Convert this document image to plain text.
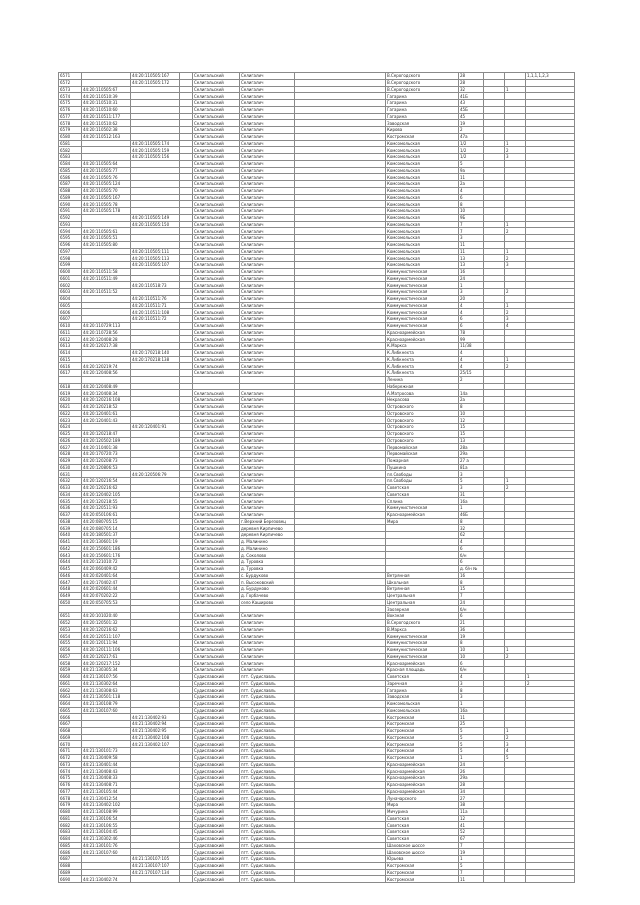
6571		44:20:110505:167		Селигальский	Селигалич		В.Серогодского	28			1,1,1,1,2,3
6572		44:20:110505:172		Селигальский	Селигалич		В.Серогодского	28			
6573	44:20:110505:67			Селигальский	Селигалич		В.Серогодского	32		1	
6574	44:20:110510:39			Селигальский	Селигалич		Гагарина	41Б			
6575	44:20:110510:31			Селигальский	Селигалич		Гагарина	43			
6576	44:20:110510:60			Селигальский	Селигалич		Гагарина	45Б			
6577	44:20:110511:177			Селигальский	Селигалич		Гагарина	45			
6578	44:20:110510:62			Селигальский	Селигалич		Заводская	19			
6579	44:20:110502:38			Селигальский	Селигалич		Кирова	2			
6580	44:20:110512:163			Селигальский	Селигалич		Костромская	47а			
6581		44:20:110505:174		Селигальский	Селигалич		Комсомольская	1/2		1	
6582		44:20:110505:159		Селигальский	Селигалич		Комсомольская	1/2		2	
6583		44:20:110505:156		Селигальский	Селигалич		Комсомольская	1/2		3	
6584	44:20:110505:64			Селигальский	Селигалич		Комсомольская	5			
6585	44:20:110505:77			Селигальский	Селигалич		Комсомольская	9а			
6586	44:20:110505:76			Селигальский	Селигалич		Комсомольская	11			
6587	44:20:110505:124			Селигальский	Селигалич		Комсомольская	2а			
6588	44:20:110505:70			Селигальский	Селигалич		Комсомольская	4			
6589	44:20:110505:167			Селигальский	Селигалич		Комсомольская	6			
6590	44:20:110505:78			Селигальский	Селигалич		Комсомольская	8			
6591	44:20:110505:178			Селигальский	Селигалич		Комсомольская	10			
6592		44:20:110505:149		Селигальский	Селигалич		Комсомольская	9Б			
6593		44:20:110505:150		Селигальский	Селигалич		Комсомольская	7		1	
6594	44:20:110505:61			Селигальский	Селигалич		Комсомольская	7		2	
6595	44:20:110505:51			Селигальский	Селигалич		Комсомольская	3			
6596	44:20:110505:80			Селигальский	Селигалич		Комсомольская	11			
6597		44:20:110505:111		Селигальский	Селигалич		Комсомольская	11		1	
6598		44:20:110505:113		Селигальский	Селигалич		Комсомольская	13		2	
6599		44:20:110505:107		Селигальский	Селигалич		Комсомольская	13		3	
6600	44:20:110511:58			Селигальский	Селигалич		Коммунистическая	16			
6601	44:20:110511:49			Селигальский	Селигалич		Коммунистическая	24			
6602		44:20:110518:73		Селигальский	Селигалич		Коммунистическая	1			
6603	44:20:110511:52			Селигальский	Селигалич		Коммунистическая	3		2	
6604		44:20:110511:76		Селигальский	Селигалич		Коммунистическая	20			
6605		44:20:110511:71		Селигальский	Селигалич		Коммунистическая	4		1	
6606		44:20:110511:108		Селигальский	Селигалич		Коммунистическая	4		2	
6607		44:20:110511:72		Селигальский	Селигалич		Коммунистическая	6		3	
6610	44:20:110729:113			Селигальский	Селигалич		Коммунистическая	6		4	
6611	44:20:110728:56			Селигальский	Селигалич		Красноармейская	78			
6612	44:20:120408:28			Селигальский	Селигалич		Красноармейская	99			
6613	44:20:120217:38			Селигальский	Селигалич		К.Маркса	11/38			
6614		44:20:170218:140		Селигальский	Селигалич		К.Либкнехта	4			
6615		44:20:170218:138		Селигальский	Селигалич		К.Либкнехта	4		1	
6616	44:20:120219:74			Селигальский	Селигалич		К.Либкнехта	4		2	
6617	44:20:120408:56			Селигальский	Селигалич		К.Либкнехта	25/15			
							Ленина	2			
6618	44:20:120408:49						Набережная				
6619	44:20:120408:34			Селигальский	Селигалич		А.Матросова	14а			
6620	44:20:120216:108			Селигальский	Селигалич		Некрасова	2а			
6621	44:20:120218:52			Селигальский	Селигалич		Островского	8			
6622	44:20:120401:61			Селигальский	Селигалич		Островского	10			
6623	44:20:120401:43			Селигальский	Селигалич		Островского	12			
6624		44:20:120401:91		Селигальский	Селигалич		Островского	15			
6625	44:20:120218:47			Селигальский	Селигалич		Островского	15			
6626	44:20:120502:189			Селигальский	Селигалич		Островского	13			
6627	44:20:110401:38			Селигальский	Селигалич		Первомайская	28а			
6628	44:20:170720:73			Селигальский	Селигалич		Первомайская	29а			
6629	44:20:120208:73			Селигальский	Селигалич		Пожарная	27 а			
6630	44:20:120806:53			Селигальский	Селигалич		Пушкина	81а			
6631		44:20:120506:79		Селигальский	Селигалич		пл.Свободы	3			
6632	44:20:120216:54			Селигальский	Селигалич		пл.Свободы	5		1	
6633	44:20:120216:62			Селигальский	Селигалич		Советская	3		2	
6634	44:20:120402:105			Селигальский	Селигалич		Советская	31			
6635	44:20:120218:55			Селигальский	Селигалич		Сплина	16а			
6636	44:20:120511:93			Селигальский	Селигалич		Коммунистическая	1			
6637	44:20:050106:61			Селигальский	Селигалич		Красноармейская	46Б			
6638	44:20:080705:15			Селигальский	г.Верхний Березовец		Мира	8			
6639	44:20:080705:14			Селигальский	деревня Кирпичево			32			
6640	44:20:180501:37			Селигальский	деревня Кирпичево			62			
6641	44:20:130601:19			Селигальский	д. Малинино			4			
6642	44:20:150601:186			Селигальский	д. Малинино			6			
6643	44:20:150601:176			Селигальский	д. Соколово			б/н			
6644	44:20:121010:72			Селигальский	д. Туровка			6			
6645	44:20:060409:42			Селигальский	д. Туровка			д. б/н №			
6646	44:20:020401:64			Селигальский	с. Бурдуково		Ветрянная	16			
6647	44:20:170402:47			Селигальский	п. Высоковский		Школьная	8			
6648	44:20:020601:44			Селигальский	д. Бурдуково		Ветрянная	15			
6649	44:20:070202:22			Селигальский	д. Горбачево		Центральная	7			
6650	44:20:050705:53			Селигальский	село Каширово		Центральная	24			
							Заозерная	б/н			
6651	44:20:101020:40			Селигальский	Селигалич		Вокзная	6			
6652	44:20:120501:32			Селигальский	Селигалич		В.Серогодского	21			
6653	44:20:120216:62			Селигальский	Селигалич		В.Маркса	36			
6654	44:20:120511:107			Селигальский	Селигалич		Коммунистическая	19			
6655	44:20:120111:94			Селигальский	Селигалич		Коммунистическая	8			
6656	44:20:120111:106			Селигальский	Селигалич		Коммунистическая	10		1	
6657	44:20:120217:61			Селигальский	Селигалич		Коммунистическая	10		2	
6658	44:20:120217:152			Селигальский	Селигалич		Красноармейская	6			
6659	44:21:130305:34			Селигальский	Селигалич		Красная площадь	б/н			
6660	44:21:130107:56			Судиславский	пгт. Судиславль		Советская	4			1
6661	44:21:130302:64			Судиславский	пгт. Судиславль		Заречная	3			2
6662	44:21:130308:63			Судиславский	пгт. Судиславль		Гагарина	8			
6663	44:21:130501:118			Судиславский	пгт. Судиславль		Заводская	3			
6664	44:21:130108:79			Судиславский	пгт. Судиславль		Комсомольская	1			
6665	44:21:130107:60			Судиславский	пгт. Судиславль		Комсомольская	16а			
6666		44:21:130402:93		Судиславский	пгт. Судиславль		Костромская	11			
6667		44:21:130402:94		Судиславский	пгт. Судиславль		Костромская	25			
6668		44:21:130402:95		Судиславский	пгт. Судиславль		Костромская	5		1	
6669		44:21:130402:108		Судиславский	пгт. Судиславль		Костромская	5		2	
6670		44:21:130402:107		Судиславский	пгт. Судиславль		Костромская	5		3	
6671	44:21:130101:73			Судиславский	пгт. Судиславль		Костромская	5		4	
6672	44:21:130409:58			Судиславский	пгт. Судиславль		Костромская	1		5	
6673	44:21:130401:44			Судиславский	пгт. Судиславль		Красноармейская	24			
6674	44:21:130408:43			Судиславский	пгт. Судиславль		Красноармейская	26			
6675	44:21:130408:33			Судиславский	пгт. Судиславль		Красноармейская	29а			
6676	44:21:130408:71			Судиславский	пгт. Судиславль		Красноармейская	28			
6677	44:21:130105:44			Судиславский	пгт. Судиславль		Красноармейская	34			
6678	44:21:130412:54			Судиславский	пгт. Судиславль		Луначарского	27			
6679	44:21:130402:102			Судиславский	пгт. Судиславль		Мира	38			
6680	44:21:130108:99			Судиславский	пгт. Судиславль		Мичурина	11а			
6681	44:21:130106:54			Судиславский	пгт. Судиславль		Советская	12			
6682	44:21:130106:55			Судиславский	пгт. Судиславль		Советская	41			
6683	44:21:130104:45			Судиславский	пгт. Судиславль		Советская	52			
6684	44:21:130302:46			Судиславский	пгт. Судиславль		Советская	67			
6685	44:21:130101:76			Судиславский	пгт. Судиславль		Шаховское шоссе	7			
6686	44:21:130107:60			Судиславский	пгт. Судиславль		Шаховское шоссе	19			
6687		44:21:130107:105		Судиславский	пгт. Судиславль		Юрьева	1			
6688		44:21:130107:107		Судиславский	пгт. Судиславль		Костромская	5			
6689		44:21:170107:134		Судиславский	пгт. Судиславль		Костромская	7			
6690	44:21:130402:74			Судиславский	пгт. Судиславль		Костромская	11			
